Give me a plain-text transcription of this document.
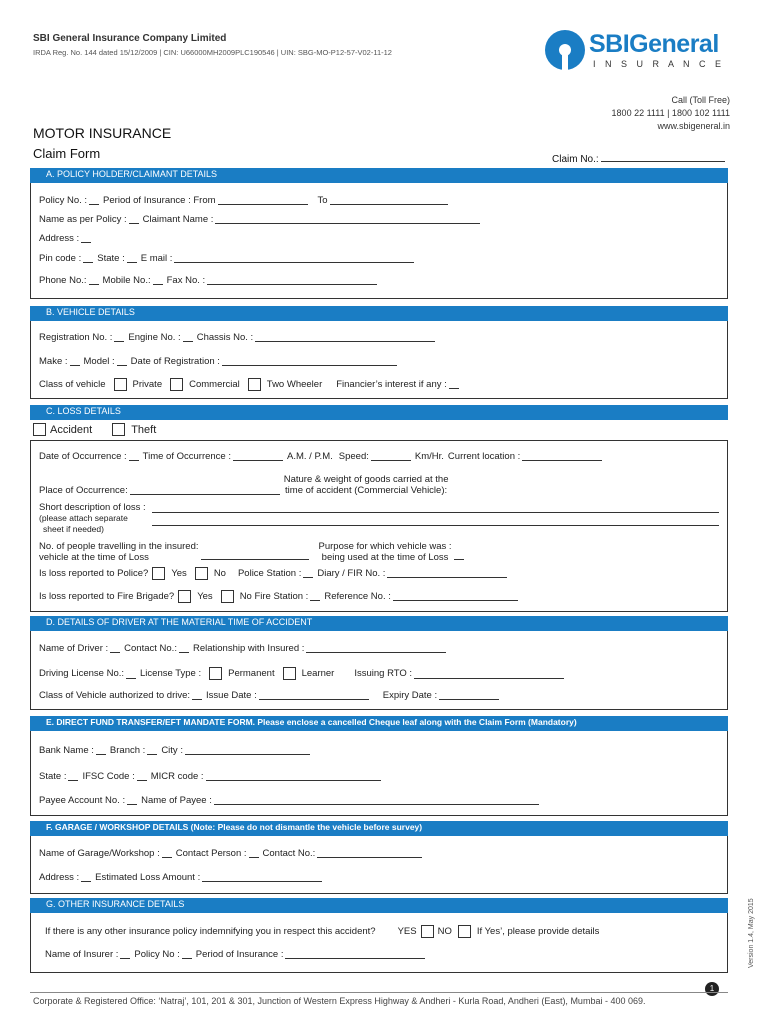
SBI General Insurance Company Limited
IRDA Reg. No. 144 dated 15/12/2009 | CIN: U66000MH2009PLC190546 | UIN: SBG-MO-P12-57-V02-11-12	SBIGeneral
I N S U R A N C E
Call (Toll Free)
1800 22 1111 | 1800 102 1111
www.sbigeneral.in
MOTOR INSURANCE
Claim Form	Claim No.:
A. POLICY HOLDER/CLAIMANT DETAILS
Policy No. : Period of Insurance : From	To
Name as per Policy : Claimant Name :
Address :
Pin code : State : E mail :
Phone No.: Mobile No.: Fax No. :
B. VEHICLE DETAILS
Registration No. : Engine No. : Chassis No. :
Make : Model : Date of Registration :
Class of vehicle	Private	Commercial	Two Wheeler Financier’s interest if any :
C. LOSS DETAILS
Accident	Theft
Date of Occurrence : Time of Occurrence :	A.M. / P.M. Speed:	Km/Hr. Current location :
Place of Occurrence:
Nature & weight of goods carried at the
time of accident (Commercial Vehicle):
Short description of loss :
(please attach separate
sheet if needed)
No. of people travelling in the insured:
vehicle at the time of Loss
Purpose for which vehicle was :
being used at the time of Loss
Is loss reported to Police? Yes	No Police Station : Diary / FIR No. :
Is loss reported to Fire Brigade? Yes	No Fire Station : Reference No. :
D. DETAILS OF DRIVER AT THE MATERIAL TIME OF ACCIDENT
Name of Driver : Contact No.: Relationship with Insured :
Driving License No.: License Type :	Permanent	Learner Issuing RTO :
Class of Vehicle authorized to drive: Issue Date :	Expiry Date :
E. DIRECT FUND TRANSFER/EFT MANDATE FORM. Please enclose a cancelled Cheque leaf along with the Claim Form (Mandatory)
Bank Name : Branch : City :
State : IFSC Code : MICR code :
Payee Account No. : Name of Payee :
F. GARAGE / WORKSHOP DETAILS (Note: Please do not dismantle the vehicle before survey)
Name of Garage/Workshop : Contact Person : Contact No.:
Address : Estimated Loss Amount :
G. OTHER INSURANCE DETAILS
If there is any other insurance policy indemnifying you in respect this accident? YES NO	If Yes’, please provide details
Name of Insurer : Policy No : Period of Insurance :	Version 1.4, May 2015
1
Corporate & Registered Office: ‘Natraj’, 101, 201 & 301, Junction of Western Express Highway & Andheri - Kurla Road, Andheri (East), Mumbai - 400 069.
